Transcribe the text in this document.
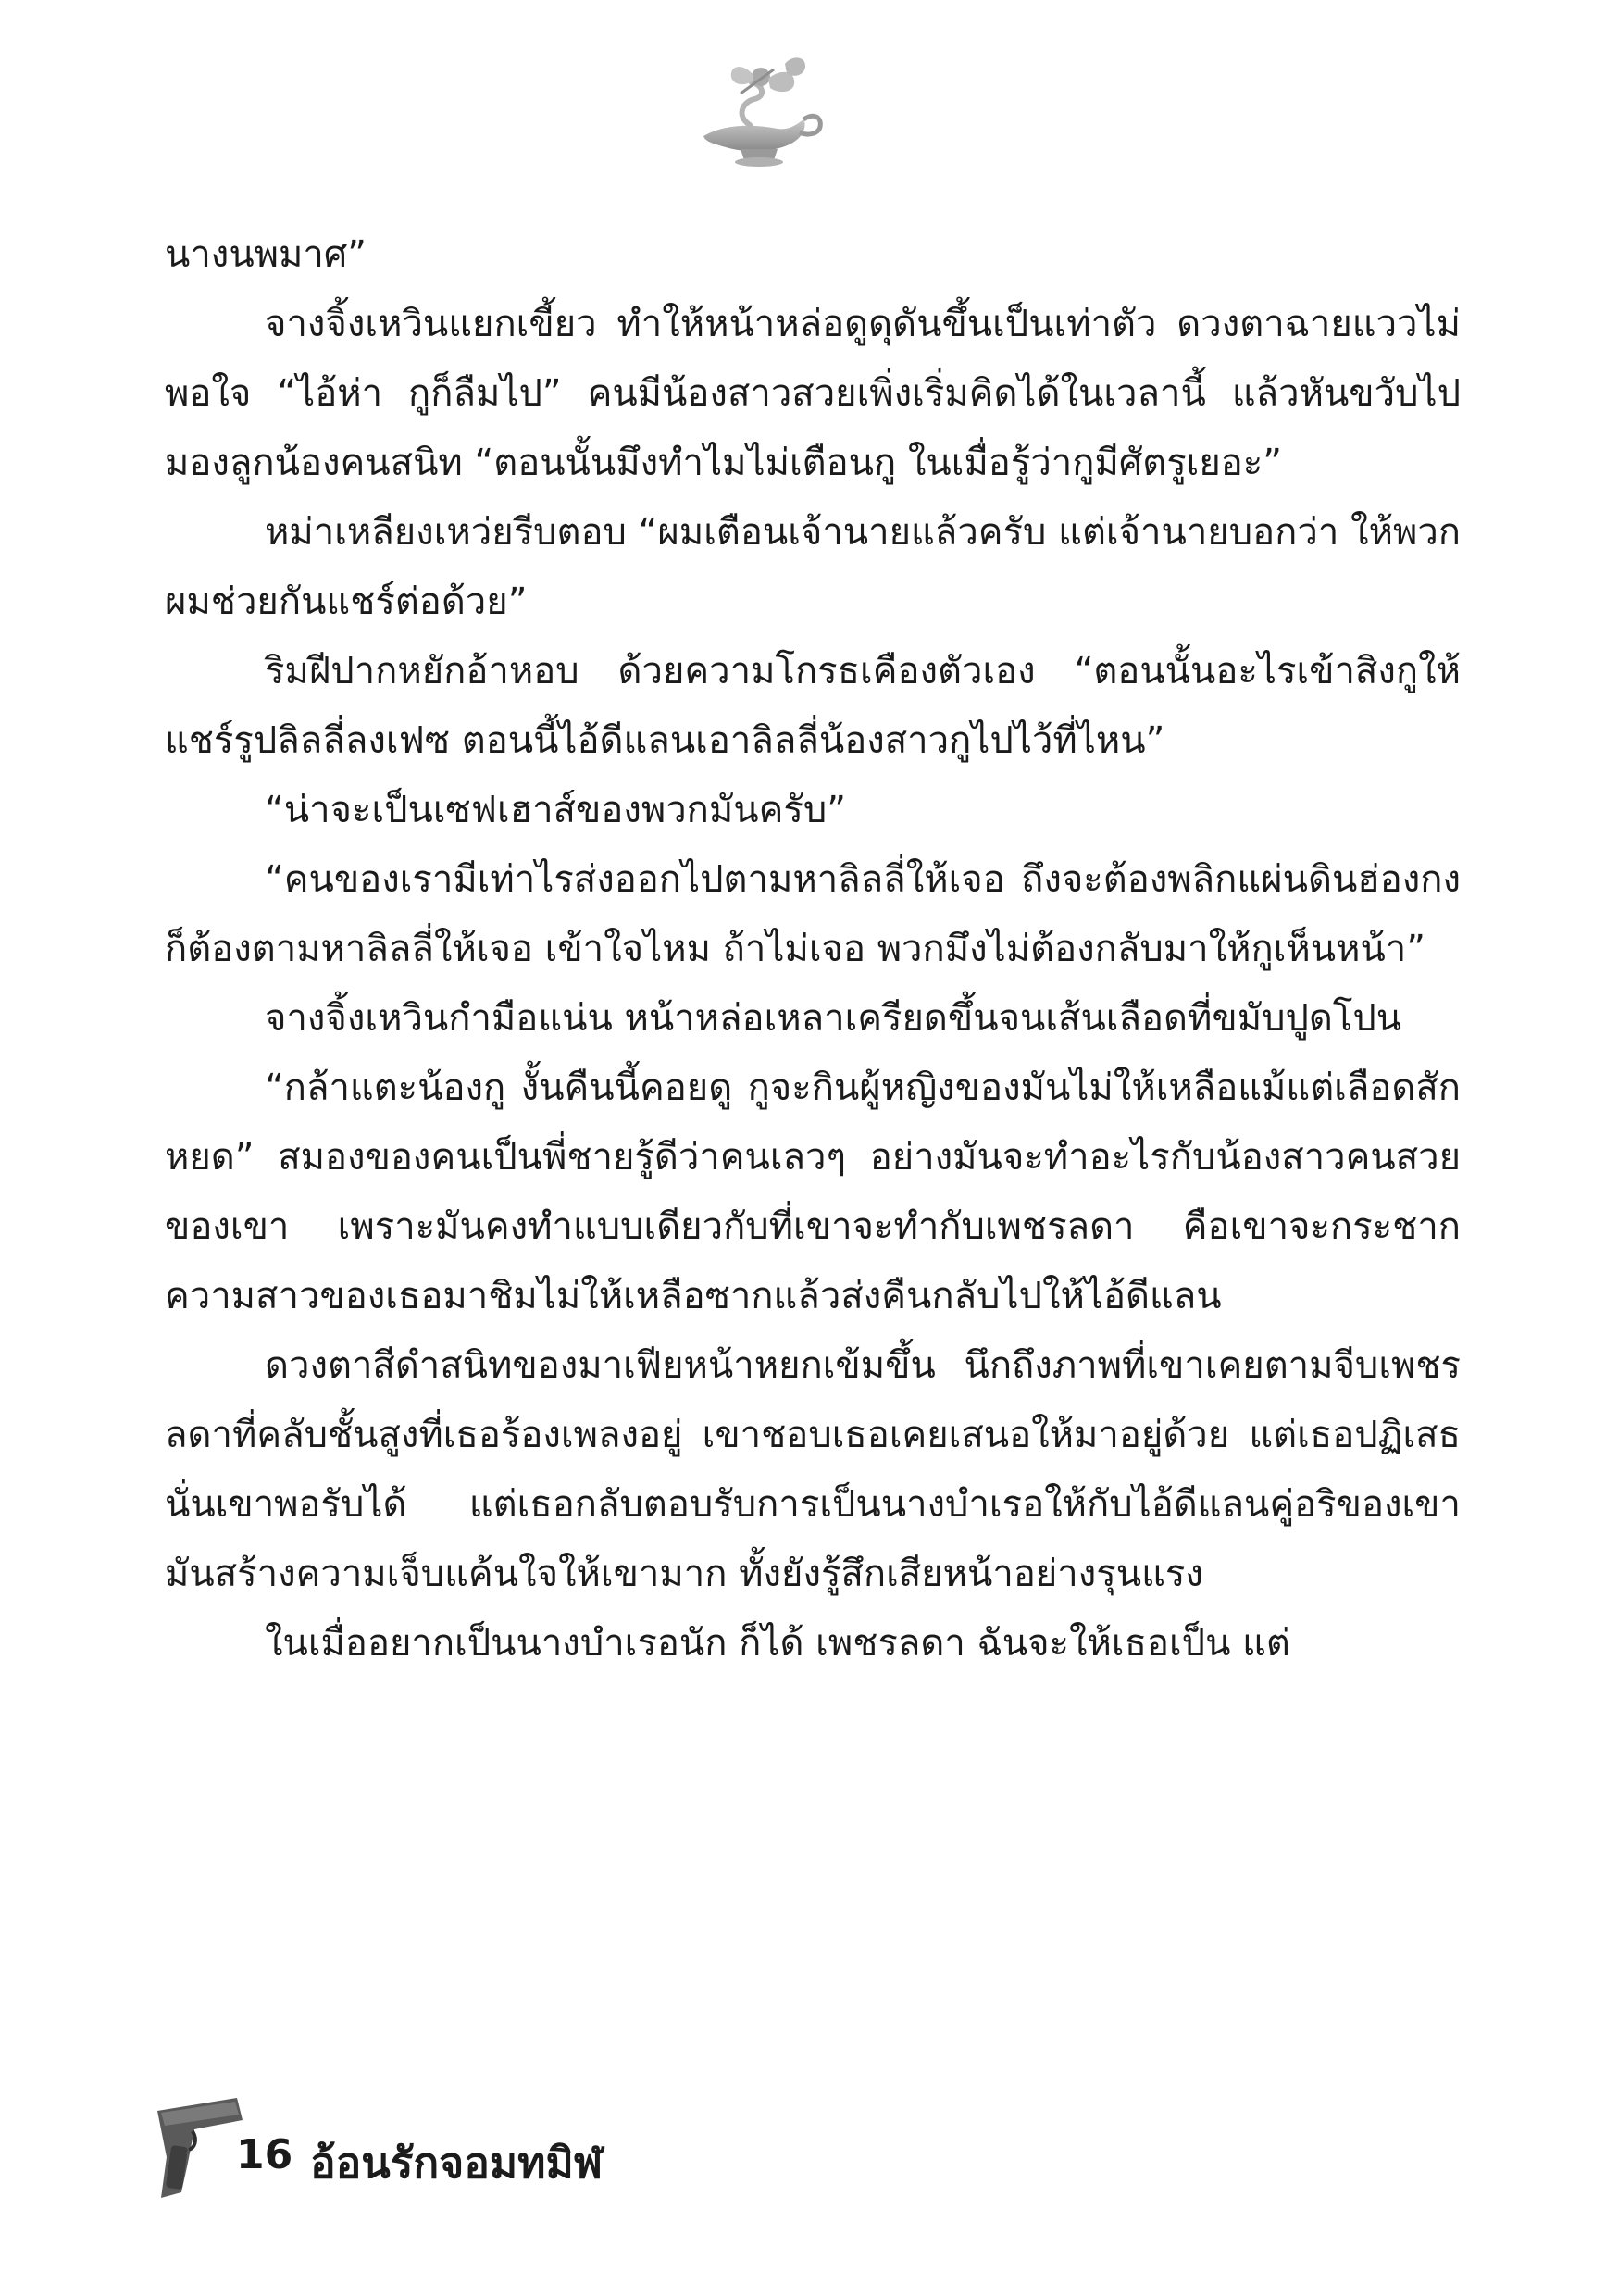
นางนพมาศ”

จางจิ้งเหวินแยกเขี้ยว ทำให้หน้าหล่อดูดุดันขึ้นเป็นเท่าตัว ดวงตาฉายแววไม่พอใจ “ไอ้ห่า กูก็ลืมไป” คนมีน้องสาวสวยเพิ่งเริ่มคิดได้ในเวลานี้ แล้วหันขวับไปมองลูกน้องคนสนิท “ตอนนั้นมึงทำไมไม่เตือนกู ในเมื่อรู้ว่ากูมีศัตรูเยอะ”

หม่าเหลียงเหว่ยรีบตอบ “ผมเตือนเจ้านายแล้วครับ แต่เจ้านายบอกว่า ให้พวกผมช่วยกันแชร์ต่อด้วย”

ริมฝีปากหยักอ้าหอบ ด้วยความโกรธเคืองตัวเอง “ตอนนั้นอะไรเข้าสิงกูให้แชร์รูปลิลลี่ลงเฟซ ตอนนี้ไอ้ดีแลนเอาลิลลี่น้องสาวกูไปไว้ที่ไหน”

“น่าจะเป็นเซฟเฮาส์ของพวกมันครับ”

“คนของเรามีเท่าไรส่งออกไปตามหาลิลลี่ให้เจอ ถึงจะต้องพลิกแผ่นดินฮ่องกงก็ต้องตามหาลิลลี่ให้เจอ เข้าใจไหม ถ้าไม่เจอ พวกมึงไม่ต้องกลับมาให้กูเห็นหน้า”

จางจิ้งเหวินกำมือแน่น หน้าหล่อเหลาเครียดขึ้นจนเส้นเลือดที่ขมับปูดโปน

“กล้าแตะน้องกู งั้นคืนนี้คอยดู กูจะกินผู้หญิงของมันไม่ให้เหลือแม้แต่เลือดสักหยด” สมองของคนเป็นพี่ชายรู้ดีว่าคนเลวๆ อย่างมันจะทำอะไรกับน้องสาวคนสวยของเขา เพราะมันคงทำแบบเดียวกับที่เขาจะทำกับเพชรลดา คือเขาจะกระชากความสาวของเธอมาชิมไม่ให้เหลือซากแล้วส่งคืนกลับไปให้ไอ้ดีแลน

ดวงตาสีดำสนิทของมาเฟียหน้าหยกเข้มขึ้น นึกถึงภาพที่เขาเคยตามจีบเพชรลดาที่คลับชั้นสูงที่เธอร้องเพลงอยู่ เขาชอบเธอเคยเสนอให้มาอยู่ด้วย แต่เธอปฏิเสธ นั่นเขาพอรับได้ แต่เธอกลับตอบรับการเป็นนางบำเรอให้กับไอ้ดีแลนคู่อริของเขา มันสร้างความเจ็บแค้นใจให้เขามาก ทั้งยังรู้สึกเสียหน้าอย่างรุนแรง

ในเมื่ออยากเป็นนางบำเรอนัก ก็ได้ เพชรลดา ฉันจะให้เธอเป็น แต่

16 อ้อนรักจอมทมิฬ
